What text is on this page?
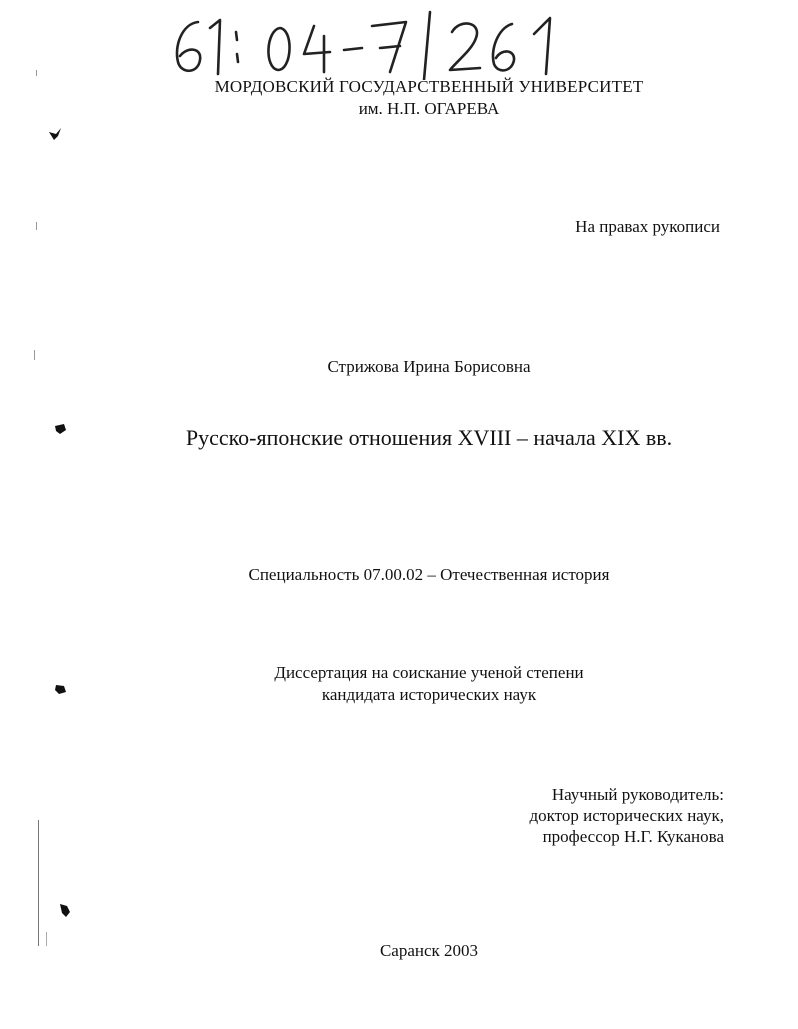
МОРДОВСКИЙ ГОСУДАРСТВЕННЫЙ УНИВЕРСИТЕТ
им. Н.П. ОГАРЕВА
На правах рукописи
Стрижова Ирина Борисовна
Русско-японские отношения XVIII – начала XIX вв.
Специальность 07.00.02 – Отечественная история
Диссертация на соискание ученой степени
кандидата исторических наук
Научный руководитель:
доктор исторических наук,
профессор Н.Г. Куканова
Саранск 2003
